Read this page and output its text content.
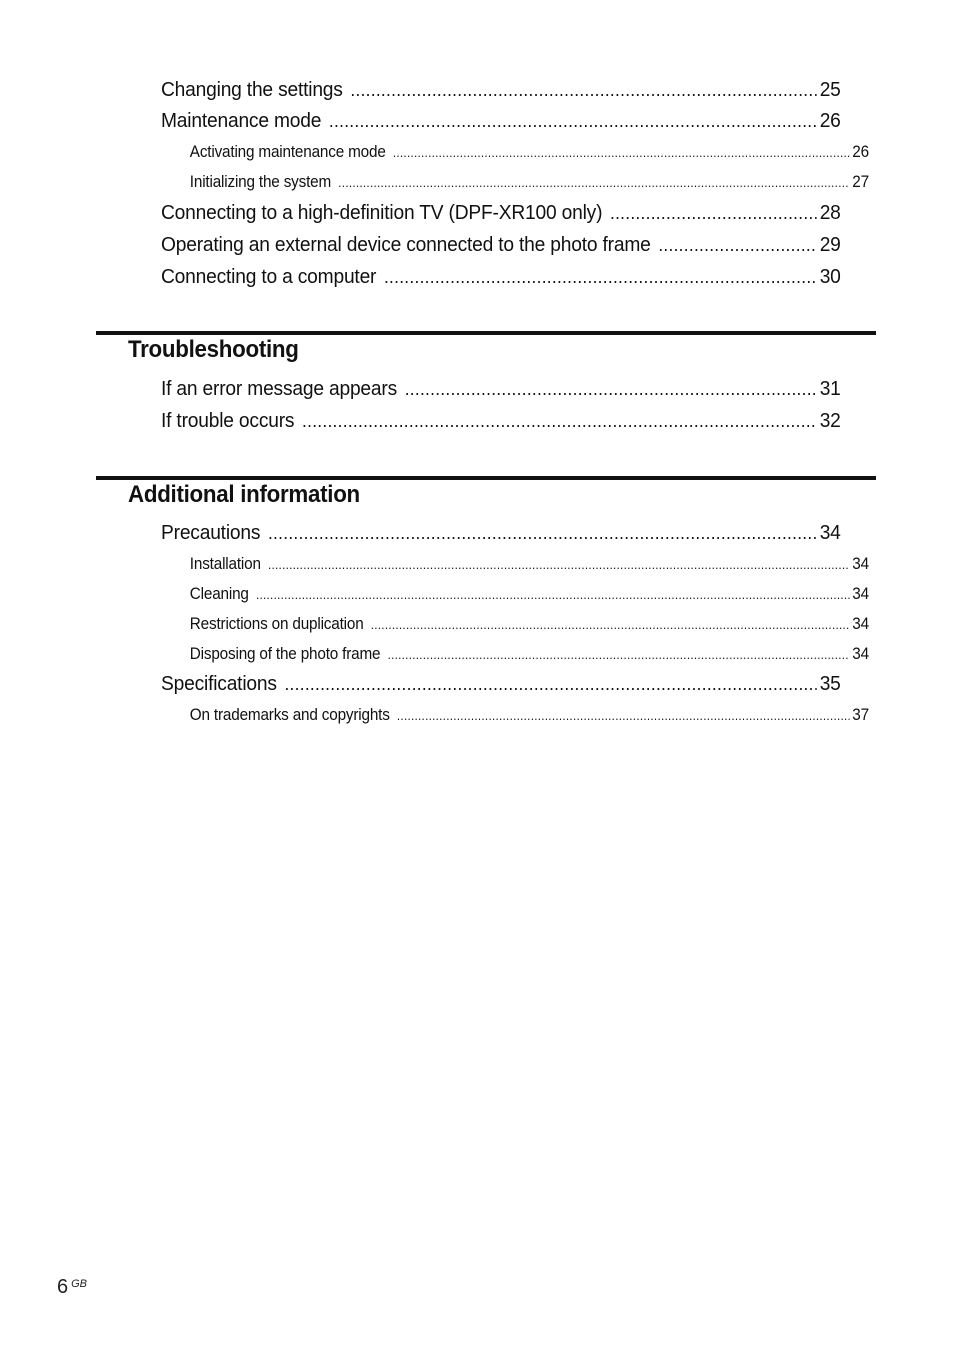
Changing the settings .....	25
Maintenance mode .....	26
Activating maintenance mode .....	26
Initializing the system .....	27
Connecting to a high-definition TV (DPF-XR100 only) .....	28
Operating an external device connected to the photo frame .....	29
Connecting to a computer .....	30
Troubleshooting
If an error message appears .....	31
If trouble occurs .....	32
Additional information
Precautions .....	34
Installation .....	34
Cleaning .....	34
Restrictions on duplication .....	34
Disposing of the photo frame .....	34
Specifications .....	35
On trademarks and copyrights .....	37
6 $^{GB}$
